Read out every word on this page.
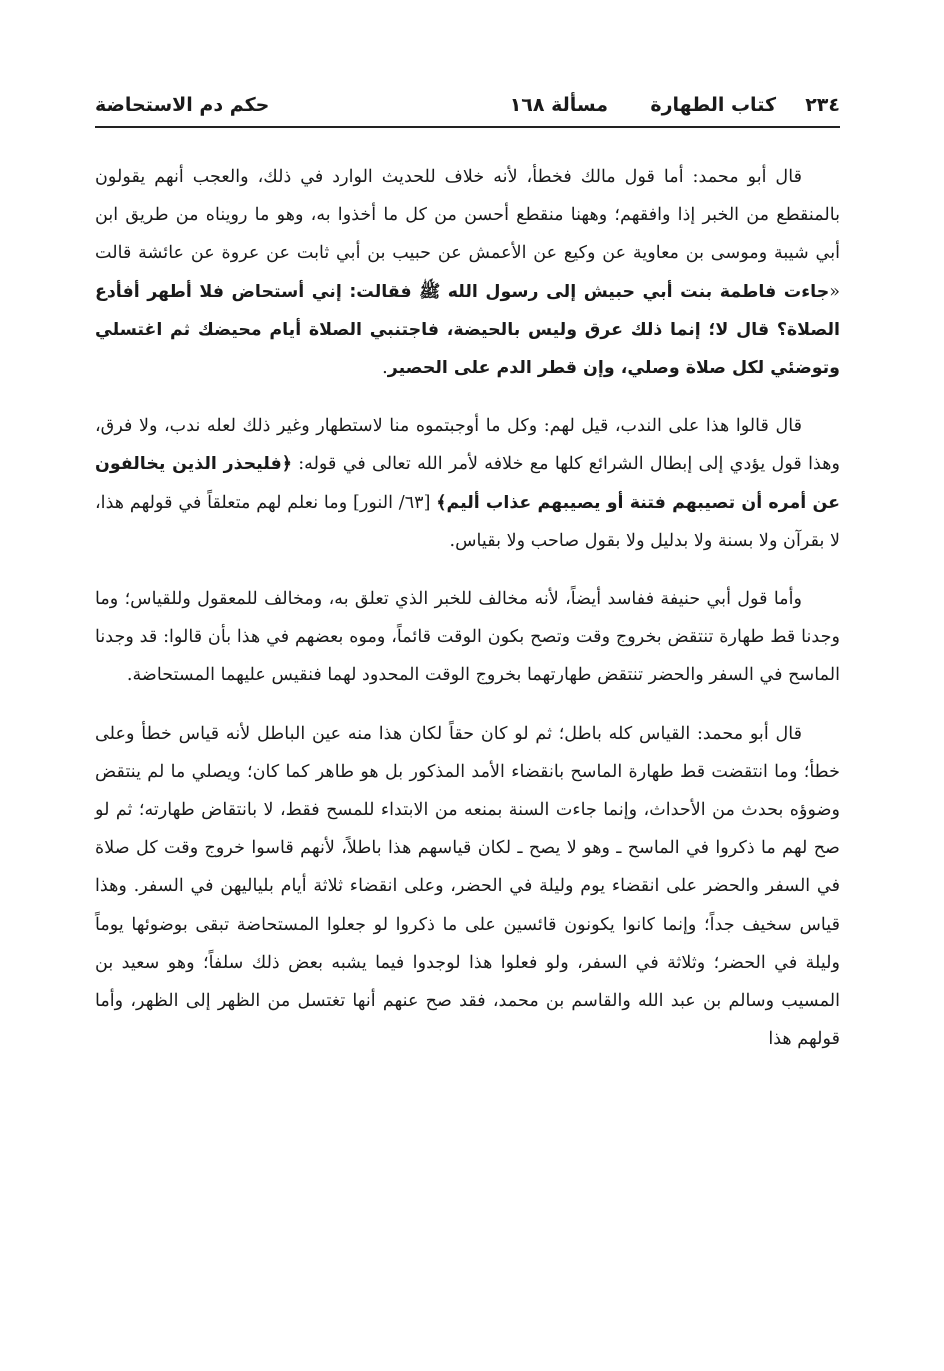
٢٣٤
كتاب الطهارة
مسألة ١٦٨
حكم دم الاستحاضة

قال أبو محمد: أما قول مالك فخطأ، لأنه خلاف للحديث الوارد في ذلك، والعجب أنهم يقولون بالمنقطع من الخبر إذا وافقهم؛ وههنا منقطع أحسن من كل ما أخذوا به، وهو ما رويناه من طريق ابن أبي شيبة وموسى بن معاوية عن وكيع عن الأعمش عن حبيب بن أبي ثابت عن عروة عن عائشة قالت «جاءت فاطمة بنت أبي حبيش إلى رسول الله ﷺ فقالت: إني أستحاض فلا أطهر أفأدع الصلاة؟ قال لا؛ إنما ذلك عرق وليس بالحيضة، فاجتنبي الصلاة أيام محيضك ثم اغتسلي وتوضئي لكل صلاة وصلي، وإن قطر الدم على الحصير.

قال قالوا هذا على الندب، قيل لهم: وكل ما أوجبتموه منا لاستطهار وغير ذلك لعله ندب، ولا فرق، وهذا قول يؤدي إلى إبطال الشرائع كلها مع خلافه لأمر الله تعالى في قوله: ﴿فليحذر الذين يخالفون عن أمره أن تصيبهم فتنة أو يصيبهم عذاب أليم﴾ [٦٣/ النور] وما نعلم لهم متعلقاً في قولهم هذا، لا بقرآن ولا بسنة ولا بدليل ولا بقول صاحب ولا بقياس.

وأما قول أبي حنيفة ففاسد أيضاً، لأنه مخالف للخبر الذي تعلق به، ومخالف للمعقول وللقياس؛ وما وجدنا قط طهارة تنتقض بخروج وقت وتصح بكون الوقت قائماً، وموه بعضهم في هذا بأن قالوا: قد وجدنا الماسح في السفر والحضر تنتقض طهارتهما بخروج الوقت المحدود لهما فنقيس عليهما المستحاضة.

قال أبو محمد: القياس كله باطل؛ ثم لو كان حقاً لكان هذا منه عين الباطل لأنه قياس خطأ وعلى خطأ؛ وما انتقضت قط طهارة الماسح بانقضاء الأمد المذكور بل هو طاهر كما كان؛ ويصلي ما لم ينتقض وضوؤه بحدث من الأحداث، وإنما جاءت السنة بمنعه من الابتداء للمسح فقط، لا بانتقاض طهارته؛ ثم لو صح لهم ما ذكروا في الماسح ـ وهو لا يصح ـ لكان قياسهم هذا باطلاً، لأنهم قاسوا خروج وقت كل صلاة في السفر والحضر على انقضاء يوم وليلة في الحضر، وعلى انقضاء ثلاثة أيام بلياليهن في السفر. وهذا قياس سخيف جداً؛ وإنما كانوا يكونون قائسين على ما ذكروا لو جعلوا المستحاضة تبقى بوضوئها يوماً وليلة في الحضر؛ وثلاثة في السفر، ولو فعلوا هذا لوجدوا فيما يشبه بعض ذلك سلفاً؛ وهو سعيد بن المسيب وسالم بن عبد الله والقاسم بن محمد، فقد صح عنهم أنها تغتسل من الظهر إلى الظهر، وأما قولهم هذا
